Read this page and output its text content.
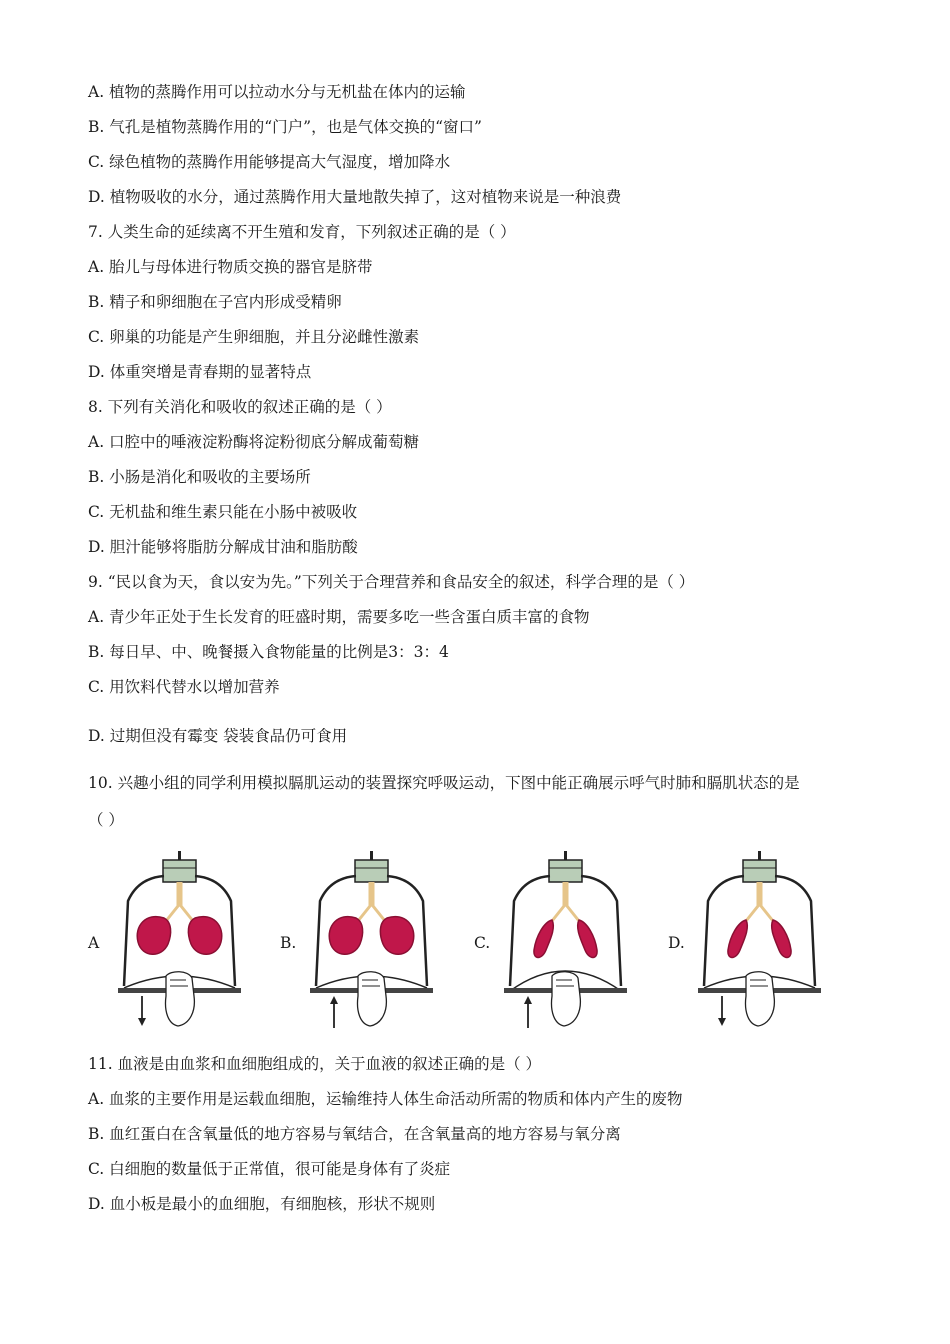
A. 植物的蒸腾作用可以拉动水分与无机盐在体内的运输
B. 气孔是植物蒸腾作用的“门户”，也是气体交换的“窗口”
C. 绿色植物的蒸腾作用能够提高大气湿度，增加降水
D. 植物吸收的水分，通过蒸腾作用大量地散失掉了，这对植物来说是一种浪费
7. 人类生命的延续离不开生殖和发育，下列叙述正确的是（ ）
A. 胎儿与母体进行物质交换的器官是脐带
B. 精子和卵细胞在子宫内形成受精卵
C. 卵巢的功能是产生卵细胞，并且分泌雌性激素
D. 体重突增是青春期的显著特点
8. 下列有关消化和吸收的叙述正确的是（ ）
A. 口腔中的唾液淀粉酶将淀粉彻底分解成葡萄糖
B. 小肠是消化和吸收的主要场所
C. 无机盐和维生素只能在小肠中被吸收
D. 胆汁能够将脂肪分解成甘油和脂肪酸
9. “民以食为天，食以安为先。”下列关于合理营养和食品安全的叙述，科学合理的是（ ）
A. 青少年正处于生长发育的旺盛时期，需要多吃一些含蛋白质丰富的食物
B. 每日早、中、晚餐摄入食物能量的比例是3：3：4
C. 用饮料代替水以增加营养
D. 过期但没有霉变 袋装食品仍可食用
10. 兴趣小组的同学利用模拟膈肌运动的装置探究呼吸运动，下图中能正确展示呼气时肺和膈肌状态的是
（ ）
11. 血液是由血浆和血细胞组成的，关于血液的叙述正确的是（ ）
A. 血浆的主要作用是运载血细胞，运输维持人体生命活动所需的物质和体内产生的废物
B. 血红蛋白在含氧量低的地方容易与氧结合，在含氧量高的地方容易与氧分离
C. 白细胞的数量低于正常值，很可能是身体有了炎症
D. 血小板是最小的血细胞，有细胞核，形状不规则
A	B.	C.	D.
